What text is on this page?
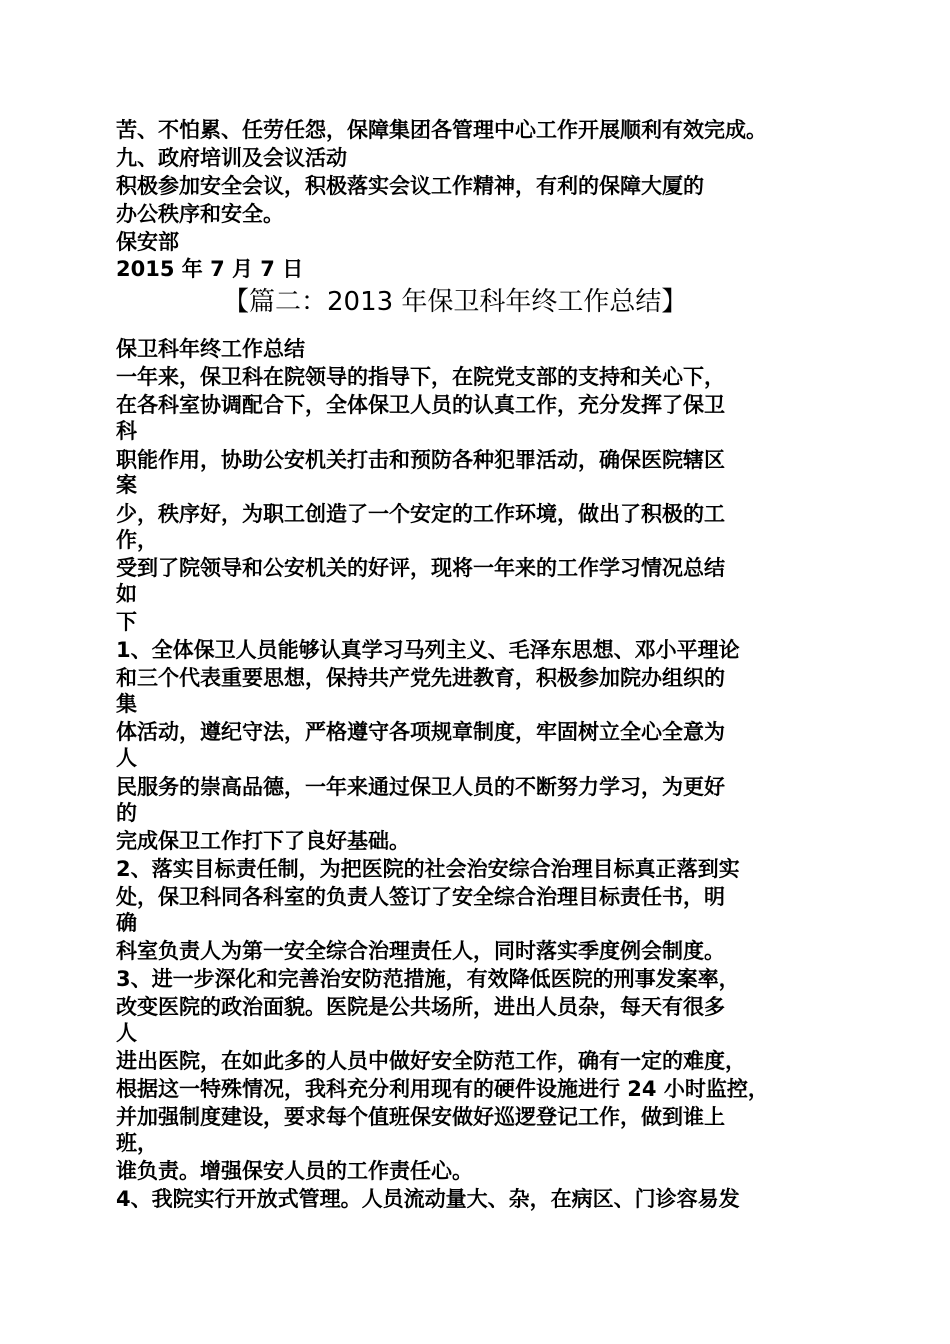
苦、不怕累、任劳任怨，保障集团各管理中心工作开展顺利有效完成。
九、政府培训及会议活动
积极参加安全会议，积极落实会议工作精神，有利的保障大厦的
办公秩序和安全。
保安部
2015 年 7 月 7 日
【篇二：2013 年保卫科年终工作总结】
保卫科年终工作总结
一年来，保卫科在院领导的指导下，在院党支部的支持和关心下，
在各科室协调配合下，全体保卫人员的认真工作，充分发挥了保卫
科
职能作用，协助公安机关打击和预防各种犯罪活动，确保医院辖区
案
少，秩序好，为职工创造了一个安定的工作环境，做出了积极的工
作，
受到了院领导和公安机关的好评，现将一年来的工作学习情况总结
如
下
1、全体保卫人员能够认真学习马列主义、毛泽东思想、邓小平理论
和三个代表重要思想，保持共产党先进教育，积极参加院办组织的
集
体活动，遵纪守法，严格遵守各项规章制度，牢固树立全心全意为
人
民服务的崇高品德，一年来通过保卫人员的不断努力学习，为更好
的
完成保卫工作打下了良好基础。
2、落实目标责任制，为把医院的社会治安综合治理目标真正落到实
处，保卫科同各科室的负责人签订了安全综合治理目标责任书，明
确
科室负责人为第一安全综合治理责任人，同时落实季度例会制度。
3、进一步深化和完善治安防范措施，有效降低医院的刑事发案率，
改变医院的政治面貌。医院是公共场所，进出人员杂，每天有很多
人
进出医院，在如此多的人员中做好安全防范工作，确有一定的难度，
根据这一特殊情况，我科充分利用现有的硬件设施进行 24 小时监控，
并加强制度建设，要求每个值班保安做好巡逻登记工作，做到谁上
班，
谁负责。增强保安人员的工作责任心。
4、我院实行开放式管理。人员流动量大、杂，在病区、门诊容易发
